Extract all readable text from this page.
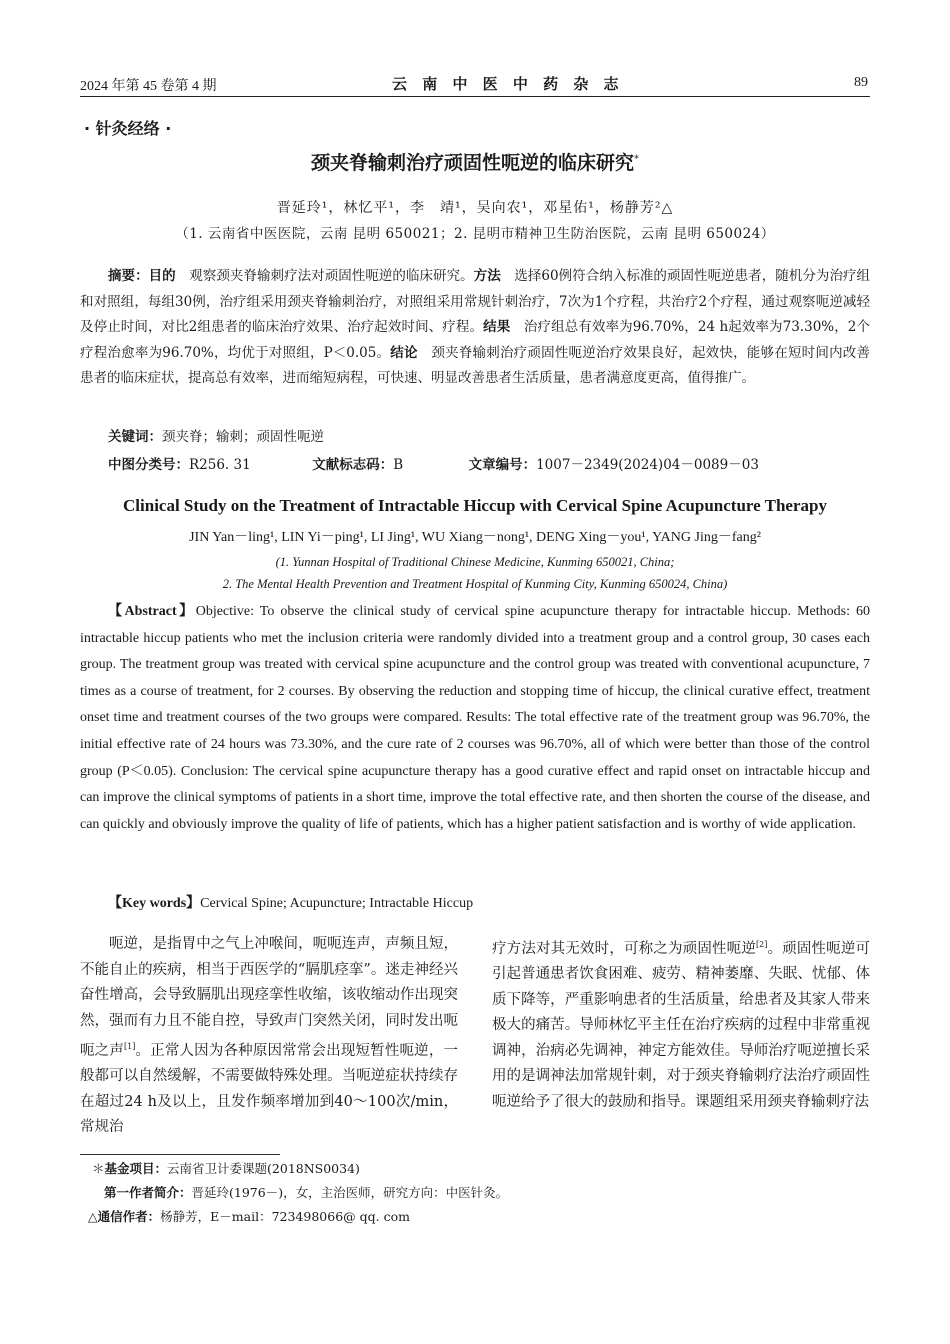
2024 年第 45 卷第 4 期	云 南 中 医 中 药 杂 志	89
· 针灸经络 ·
颈夹脊输刺治疗顽固性呃逆的临床研究*
晋延玲¹，林忆平¹，李　靖¹，吴向农¹，邓星佑¹，杨静芳²△
（1. 云南省中医医院，云南 昆明 650021；2. 昆明市精神卫生防治医院，云南 昆明 650024）

摘要：目的　观察颈夹脊输刺疗法对顽固性呃逆的临床研究。方法　选择60例符合纳入标准的顽固性呃逆患者，随机分为治疗组和对照组，每组30例，治疗组采用颈夹脊输刺治疗，对照组采用常规针刺治疗，7次为1个疗程，共治疗2个疗程，通过观察呃逆减轻及停止时间，对比2组患者的临床治疗效果、治疗起效时间、疗程。结果　治疗组总有效率为96.70%，24 h起效率为73.30%，2个疗程治愈率为96.70%，均优于对照组，P＜0.05。结论　颈夹脊输刺治疗顽固性呃逆治疗效果良好，起效快，能够在短时间内改善患者的临床症状，提高总有效率，进而缩短病程，可快速、明显改善患者生活质量，患者满意度更高，值得推广。

关键词：颈夹脊；输刺；顽固性呃逆
中图分类号：R256. 31	文献标志码：B	文章编号：1007－2349(2024)04－0089－03
Clinical Study on the Treatment of Intractable Hiccup with Cervical Spine Acupuncture Therapy
JIN Yan－ling¹, LIN Yi－ping¹, LI Jing¹, WU Xiang－nong¹, DENG Xing－you¹, YANG Jing－fang²
(1. Yunnan Hospital of Traditional Chinese Medicine, Kunming 650021, China;
2. The Mental Health Prevention and Treatment Hospital of Kunming City, Kunming 650024, China)

【Abstract】Objective: To observe the clinical study of cervical spine acupuncture therapy for intractable hiccup. Methods: 60 intractable hiccup patients who met the inclusion criteria were randomly divided into a treatment group and a control group, 30 cases each group. The treatment group was treated with cervical spine acupuncture and the control group was treated with conventional acupuncture, 7 times as a course of treatment, for 2 courses. By observing the reduction and stopping time of hiccup, the clinical curative effect, treatment onset time and treatment courses of the two groups were compared. Results: The total effective rate of the treatment group was 96.70%, the initial effective rate of 24 hours was 73.30%, and the cure rate of 2 courses was 96.70%, all of which were better than those of the control group (P＜0.05). Conclusion: The cervical spine acupuncture therapy has a good curative effect and rapid onset on intractable hiccup and can improve the clinical symptoms of patients in a short time, improve the total effective rate, and then shorten the course of the disease, and can quickly and obviously improve the quality of life of patients, which has a higher patient satisfaction and is worthy of wide application.

【Key words】Cervical Spine; Acupuncture; Intractable Hiccup

呃逆，是指胃中之气上冲喉间，呃呃连声，声频且短，不能自止的疾病，相当于西医学的“膈肌痉挛”。迷走神经兴奋性增高，会导致膈肌出现痉挛性收缩，该收缩动作出现突然，强而有力且不能自控，导致声门突然关闭，同时发出呃呃之声[1]。正常人因为各种原因常常会出现短暂性呃逆，一般都可以自然缓解，不需要做特殊处理。当呃逆症状持续存在超过24 h及以上，且发作频率增加到40～100次/min，常规治

疗方法对其无效时，可称之为顽固性呃逆[2]。顽固性呃逆可引起普通患者饮食困难、疲劳、精神萎靡、失眠、忧郁、体质下降等，严重影响患者的生活质量，给患者及其家人带来极大的痛苦。导师林忆平主任在治疗疾病的过程中非常重视调神，治病必先调神，神定方能效佳。导师治疗呃逆擅长采用的是调神法加常规针刺，对于颈夹脊输刺疗法治疗顽固性呃逆给予了很大的鼓励和指导。课题组采用颈夹脊输刺疗法

＊基金项目：云南省卫计委课题(2018NS0034)
第一作者简介：晋延玲(1976－)，女，主治医师，研究方向：中医针灸。
△通信作者：杨静芳，E－mail：723498066@ qq. com
